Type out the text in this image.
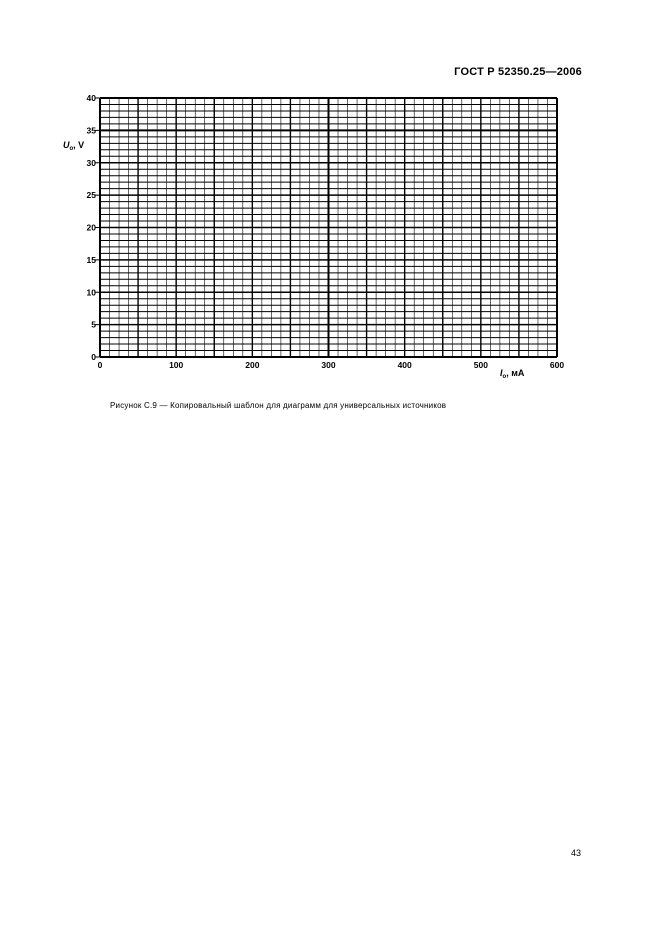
ГОСТ Р 52350.25—2006
0
5
10
15
20
25
30
35
40
0	100	200	300	400	500	600
$U_o$, V
$I_o$, мA
Рисунок С.9 — Копировальный шаблон для диаграмм для универсальных источников
43
